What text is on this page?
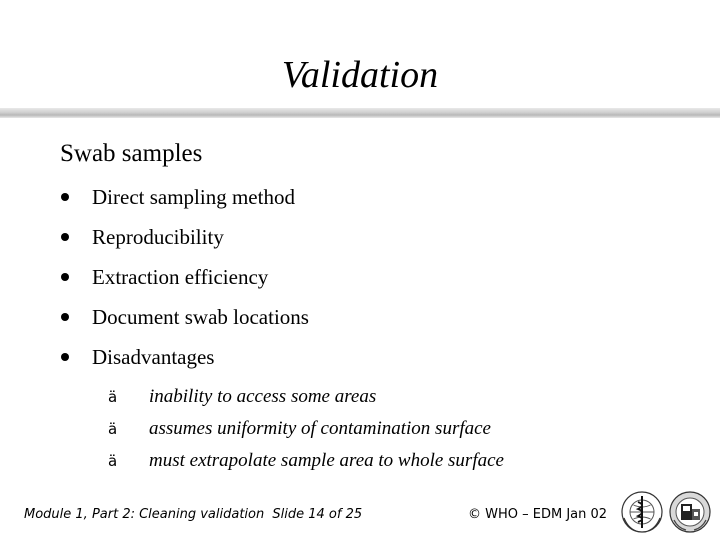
Validation
Swab samples
Direct sampling method
Reproducibility
Extraction efficiency
Document swab locations
Disadvantages
ä inability to access some areas
ä assumes uniformity of contamination surface
ä must extrapolate sample area to whole surface
Module 1, Part 2: Cleaning validation Slide 14 of 25	© WHO – EDM Jan 02
